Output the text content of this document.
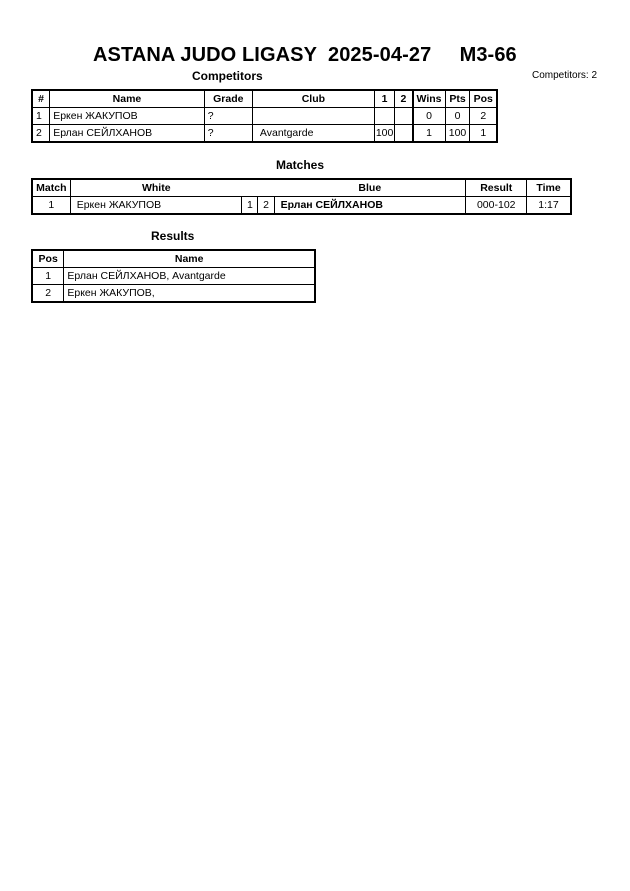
ASTANA JUDO LIGASY  2025-04-27     M3-66
Competitors	Competitors: 2
#	Name	Grade	Club	1	2	Wins	Pts	Pos
1	Еркен ЖАКУПОВ	?				0	0	2
2	Ерлан СЕЙЛХАНОВ	?	Avantgarde	100		1	100	1
Matches
Match	White			Blue	Result	Time
1	Еркен ЖАКУПОВ	1	2	Ерлан СЕЙЛХАНОВ	000-102	1:17
Results
Pos	Name
1	Ерлан СЕЙЛХАНОВ, Avantgarde
2	Еркен ЖАКУПОВ,
